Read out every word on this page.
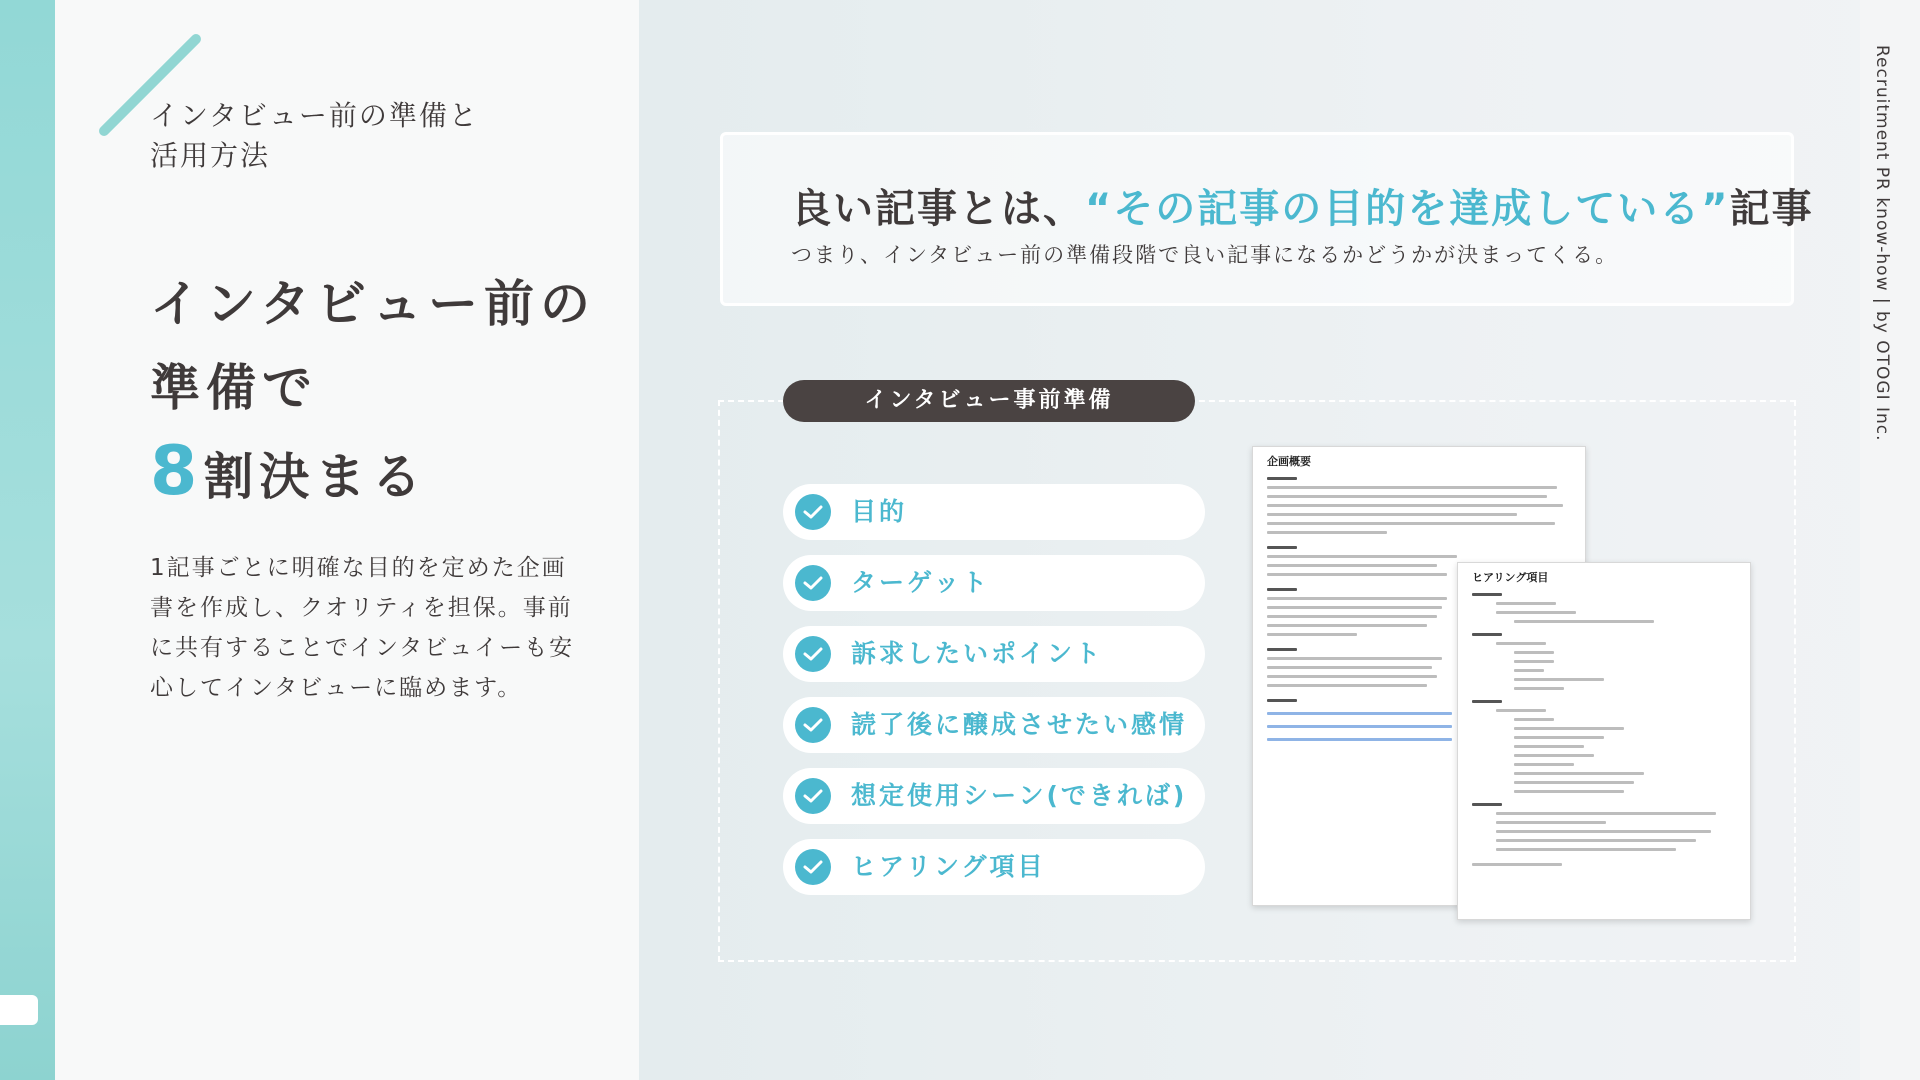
Recruitment PR know-how | by OTOGI Inc.
インタビュー前の準備と
活用方法
インタビュー前の
準備で
8割決まる
1記事ごとに明確な目的を定めた企画書を作成し、クオリティを担保。事前に共有することでインタビュイーも安心してインタビューに臨めます。
良い記事とは、“その記事の目的を達成している”記事
つまり、インタビュー前の準備段階で良い記事になるかどうかが決まってくる。
インタビュー事前準備
目的
ターゲット
訴求したいポイント
読了後に醸成させたい感情
想定使用シーン(できれば)
ヒアリング項目
企画概要
ヒアリング項目
